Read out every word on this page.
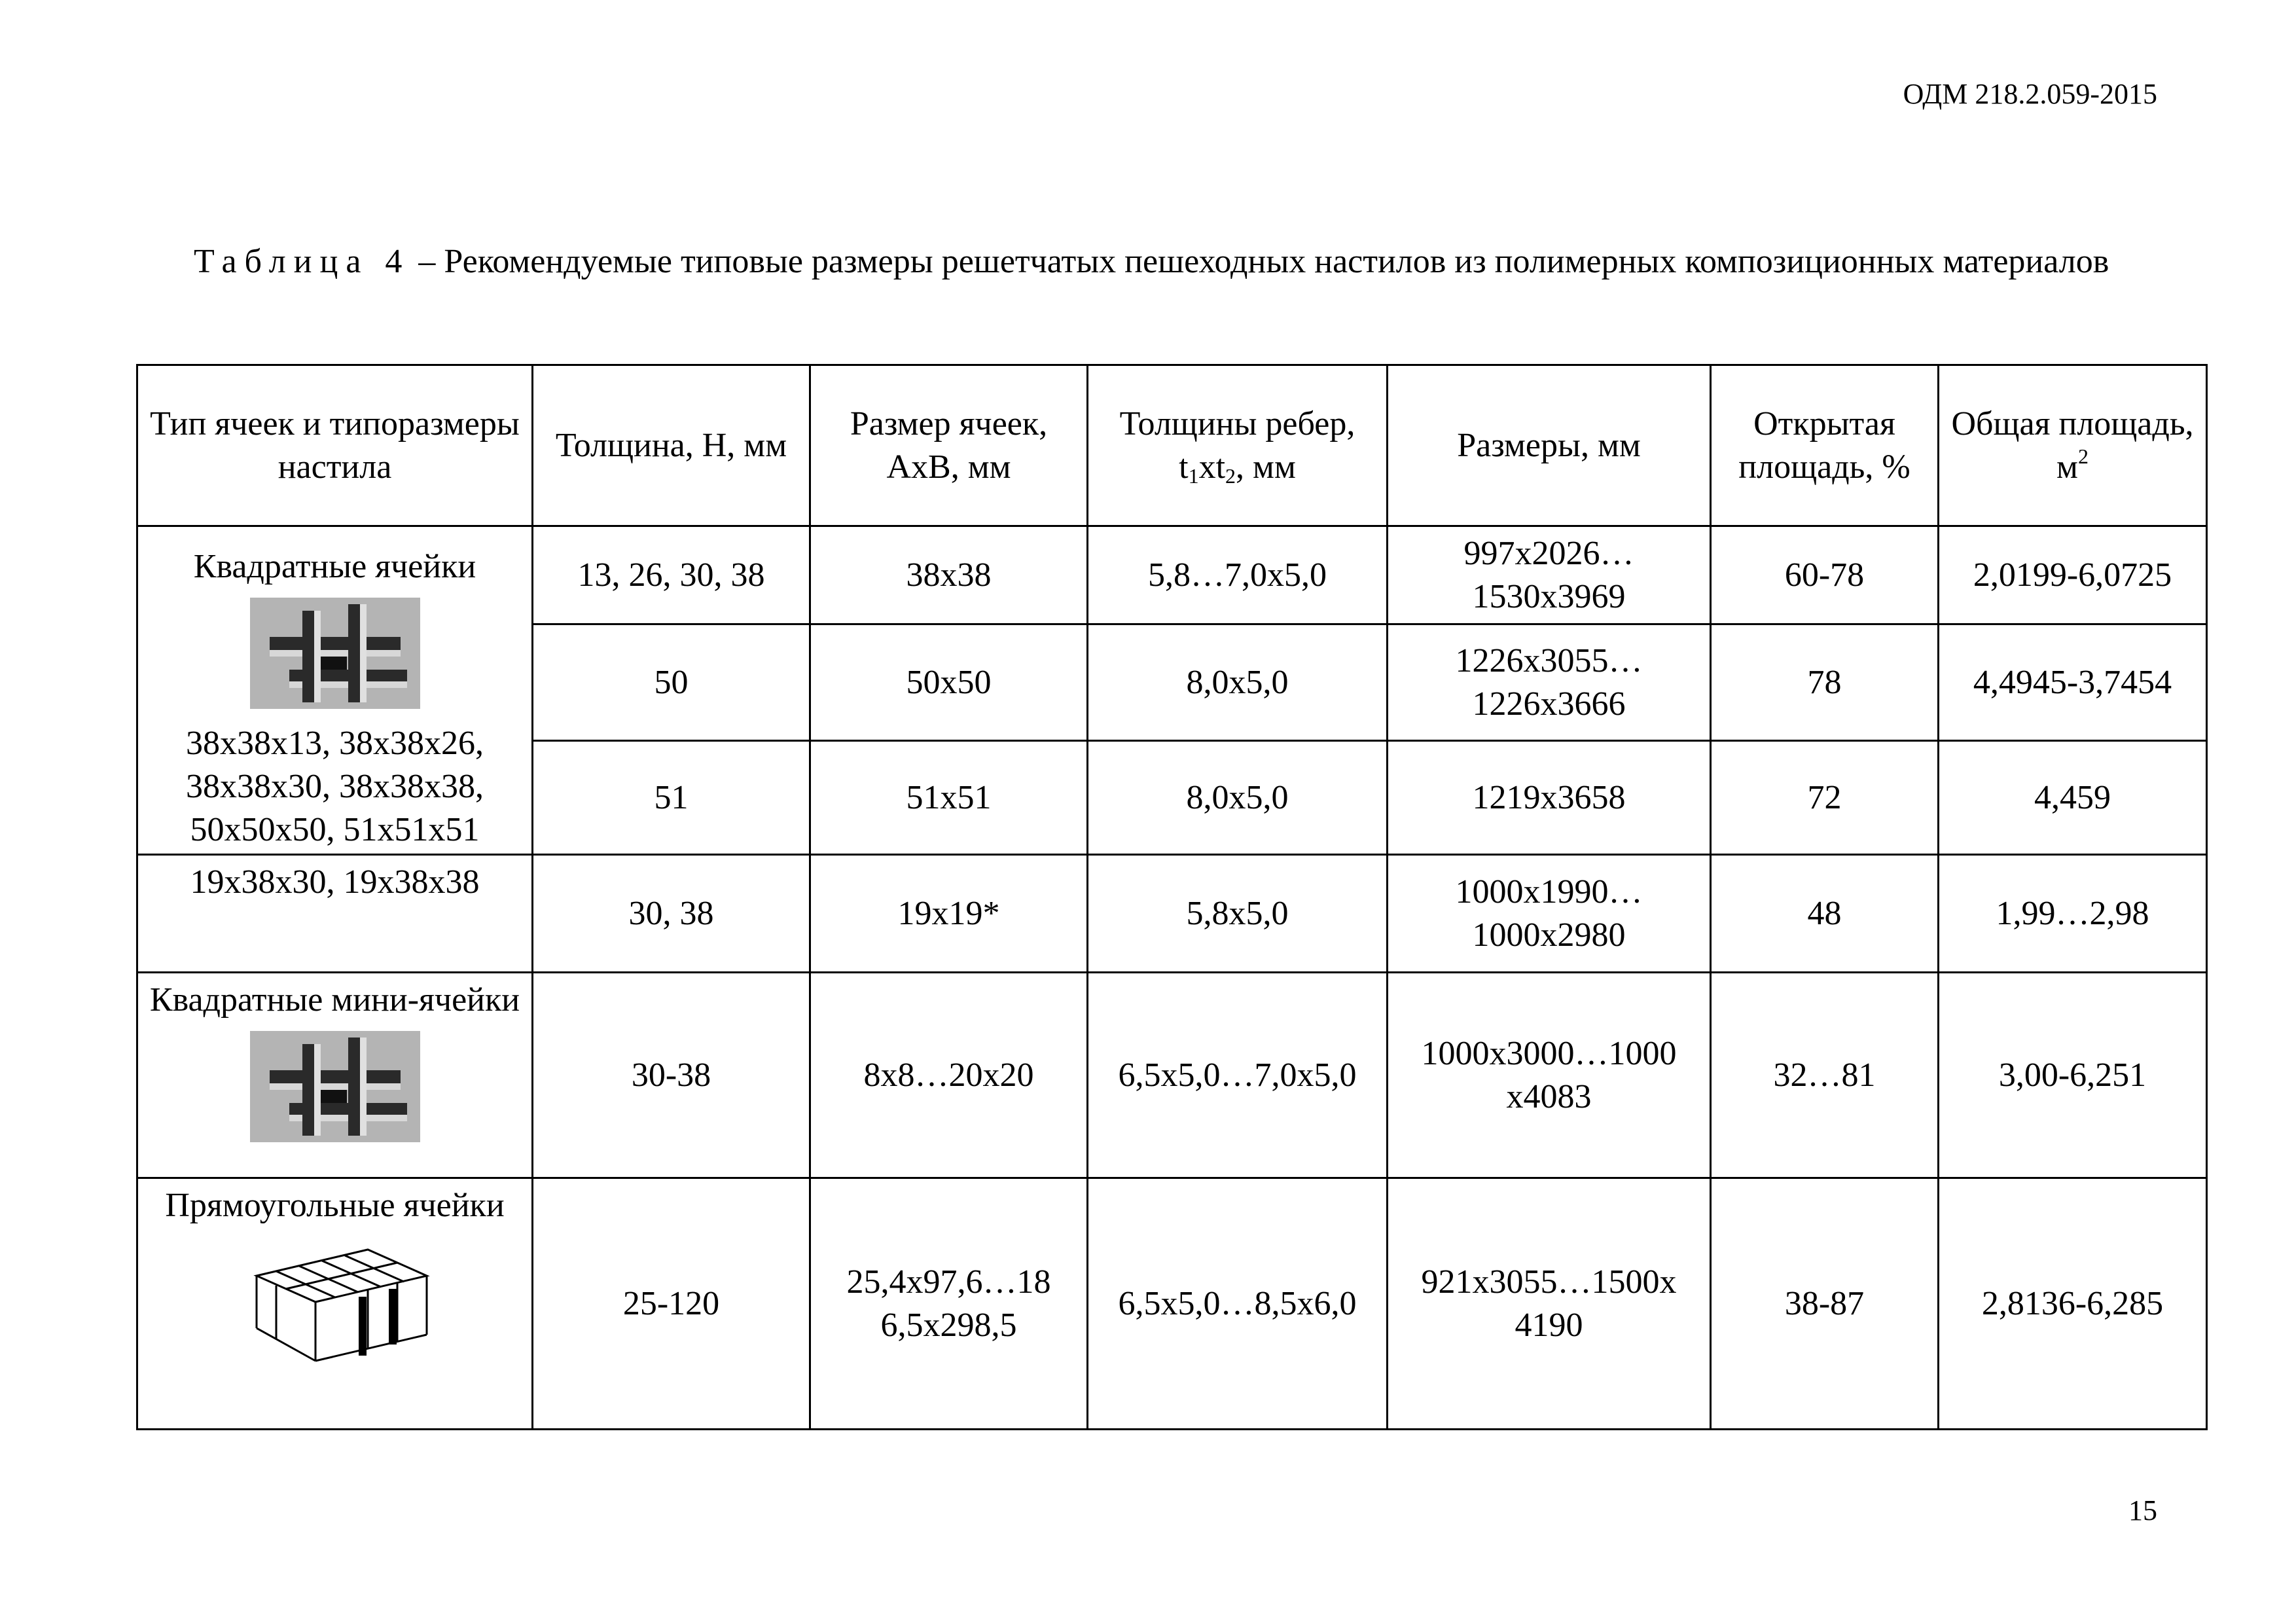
ОДМ 218.2.059-2015
Таблица 4 – Рекомендуемые типовые размеры решетчатых пешеходных настилов из полимерных композиционных материалов
Тип ячеек и типоразмеры настила	Толщина, Н, мм	Размер ячеек, АхВ, мм	Толщины ребер, $t_1хt_2$, мм	Размеры, мм	Открытая площадь, %	Общая площадь, $м^2$

Квадратные ячейки
38х38х13, 38х38х26, 38х38х30, 38х38х38, 50х50х50, 51х51х51	13, 26, 30, 38	38х38	5,8…7,0х5,0	997х2026… 1530х3969	60-78	2,0199-6,0725
	50	50х50	8,0х5,0	1226х3055… 1226х3666	78	4,4945-3,7454
	51	51х51	8,0х5,0	1219х3658	72	4,459

19х38х30, 19х38х38	30, 38	19х19*	5,8х5,0	1000х1990… 1000х2980	48	1,99…2,98

Квадратные мини-ячейки	30-38	8х8…20х20	6,5х5,0…7,0х5,0	1000х3000…1000 х4083	32…81	3,00-6,251

Прямоугольные ячейки	25-120	25,4х97,6…18 6,5х298,5	6,5х5,0…8,5х6,0	921х3055…1500х 4190	38-87	2,8136-6,285
15
